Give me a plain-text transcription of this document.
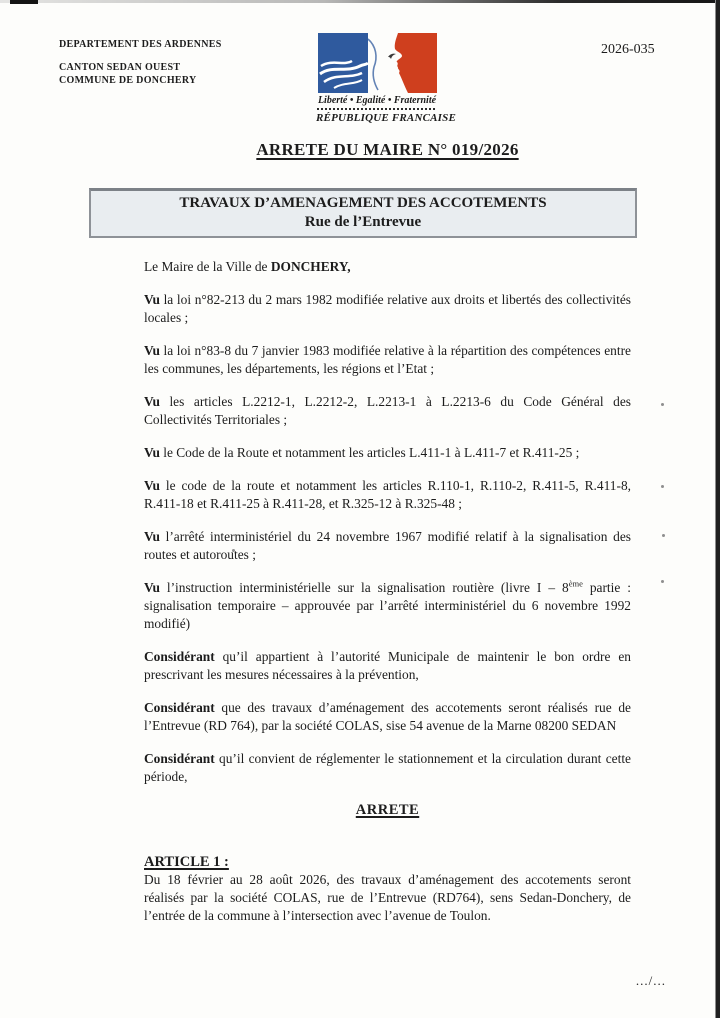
DEPARTEMENT DES ARDENNES
CANTON SEDAN OUEST
COMMUNE DE DONCHERY
2026-035
Liberté • Egalité • Fraternité
RÉPUBLIQUE FRANCAISE
ARRETE DU MAIRE N° 019/2026
TRAVAUX D’AMENAGEMENT DES ACCOTEMENTS
Rue de l’Entrevue

Le Maire de la Ville de DONCHERY,

Vu la loi n°82-213 du 2 mars 1982 modifiée relative aux droits et libertés des collectivités locales ;

Vu la loi n°83-8 du 7 janvier 1983 modifiée relative à la répartition des compétences entre les communes, les départements, les régions et l’Etat ;

Vu les articles L.2212-1, L.2212-2, L.2213-1 à L.2213-6 du Code Général des Collectivités Territoriales ;

Vu le Code de la Route et notamment les articles L.411-1 à L.411-7 et R.411-25 ;

Vu le code de la route et notamment les articles R.110-1, R.110-2, R.411-5, R.411-8, R.411-18 et R.411-25 à R.411-28, et R.325-12 à R.325-48 ;

Vu l’arrêté interministériel du 24 novembre 1967 modifié relatif à la signalisation des routes et autoroutes ;

Vu l’instruction interministérielle sur la signalisation routière (livre I – 8ème partie : signalisation temporaire – approuvée par l’arrêté interministériel du 6 novembre 1992 modifié)

Considérant qu’il appartient à l’autorité Municipale de maintenir le bon ordre en prescrivant les mesures nécessaires à la prévention,

Considérant que des travaux d’aménagement des accotements seront réalisés rue de l’Entrevue (RD 764), par la société COLAS, sise 54 avenue de la Marne 08200 SEDAN

Considérant qu’il convient de réglementer le stationnement et la circulation durant cette période,

ARRETE

ARTICLE 1 :
Du 18 février au 28 août 2026, des travaux d’aménagement des accotements seront réalisés par la société COLAS, rue de l’Entrevue (RD764), sens Sedan-Donchery, de l’entrée de la commune à l’intersection avec l’avenue de Toulon.

.../...
